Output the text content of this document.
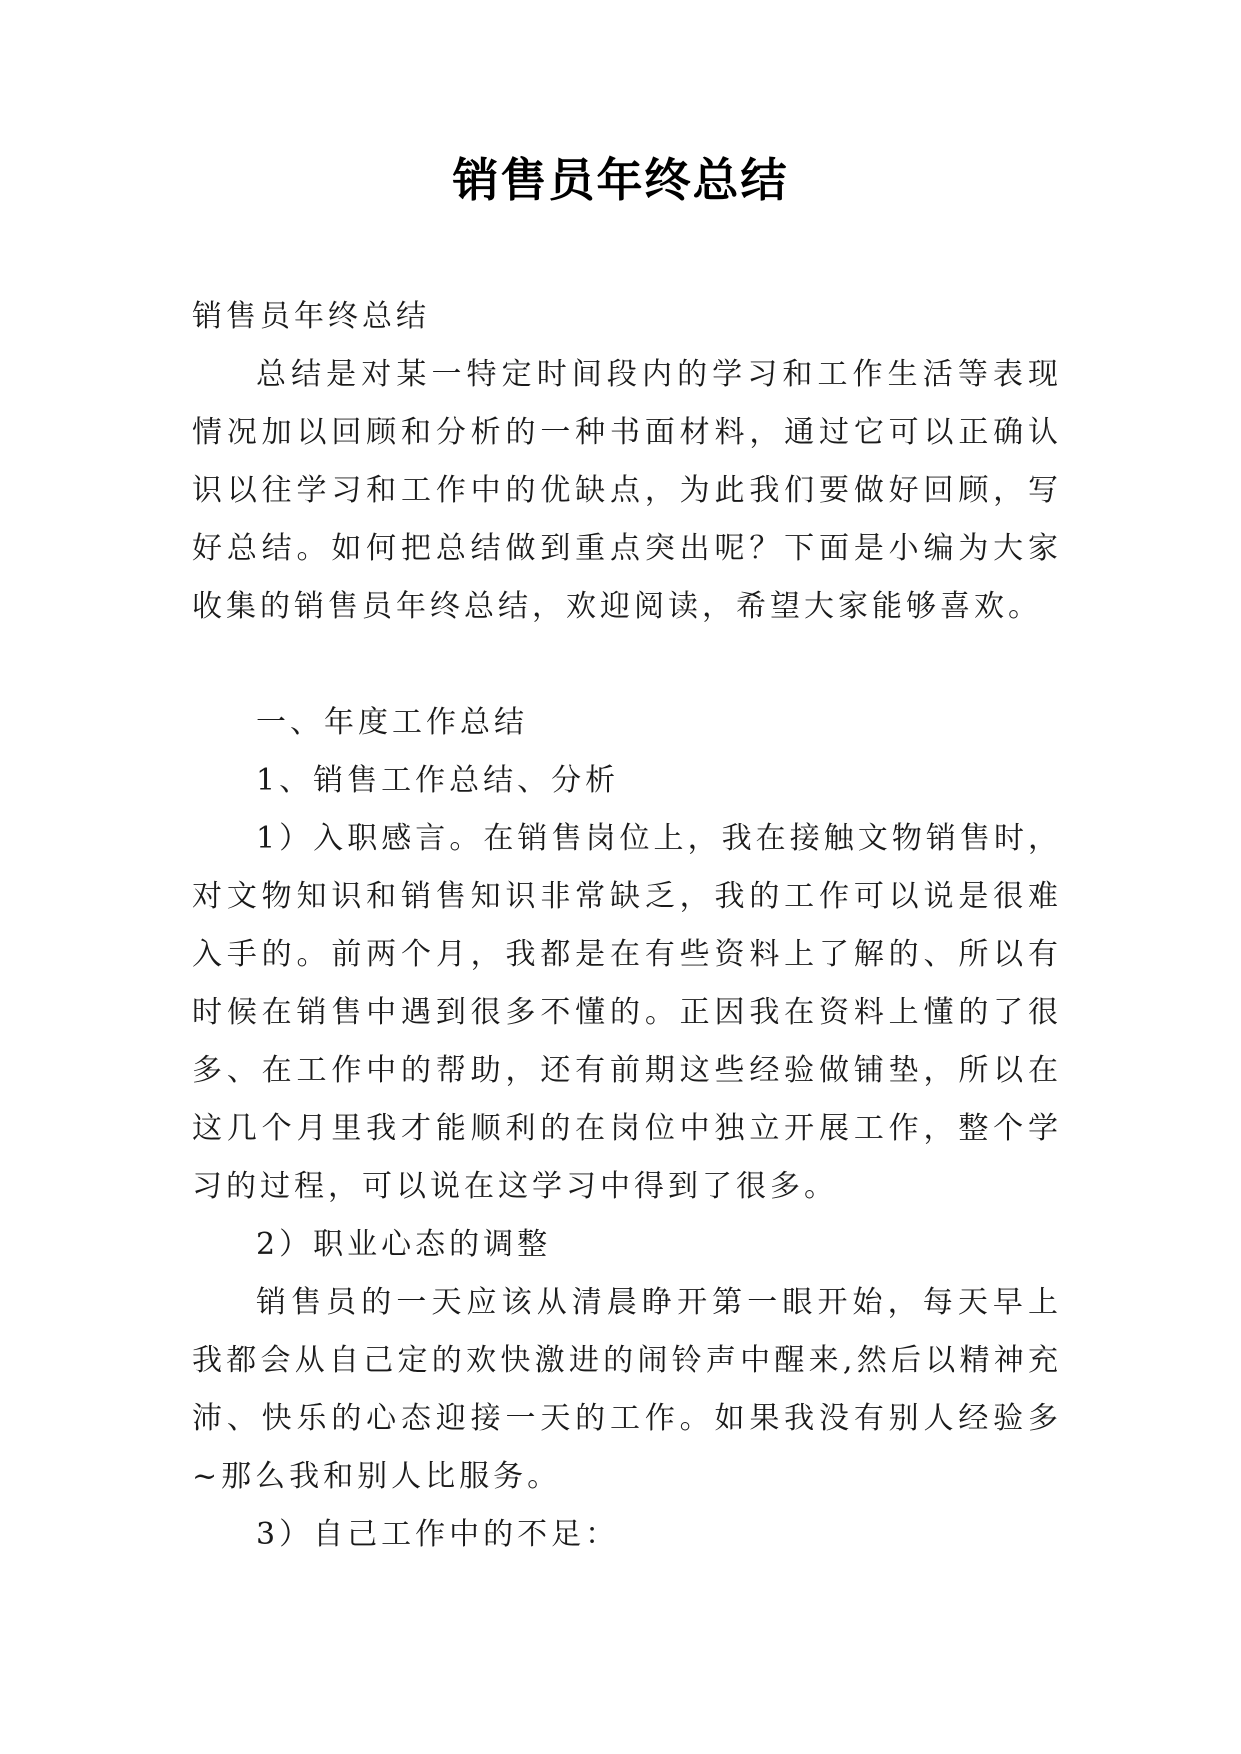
销售员年终总结

销售员年终总结

总结是对某一特定时间段内的学习和工作生活等表现情况加以回顾和分析的一种书面材料，通过它可以正确认识以往学习和工作中的优缺点，为此我们要做好回顾，写好总结。如何把总结做到重点突出呢？下面是小编为大家收集的销售员年终总结，欢迎阅读，希望大家能够喜欢。

一、年度工作总结

1、销售工作总结、分析

1）入职感言。在销售岗位上，我在接触文物销售时，对文物知识和销售知识非常缺乏，我的工作可以说是很难入手的。前两个月，我都是在有些资料上了解的、所以有时候在销售中遇到很多不懂的。正因我在资料上懂的了很多、在工作中的帮助，还有前期这些经验做铺垫，所以在这几个月里我才能顺利的在岗位中独立开展工作，整个学习的过程，可以说在这学习中得到了很多。

2）职业心态的调整

销售员的一天应该从清晨睁开第一眼开始，每天早上我都会从自己定的欢快激进的闹铃声中醒来,然后以精神充沛、快乐的心态迎接一天的工作。如果我没有别人经验多~那么我和别人比服务。

3）自己工作中的不足：
